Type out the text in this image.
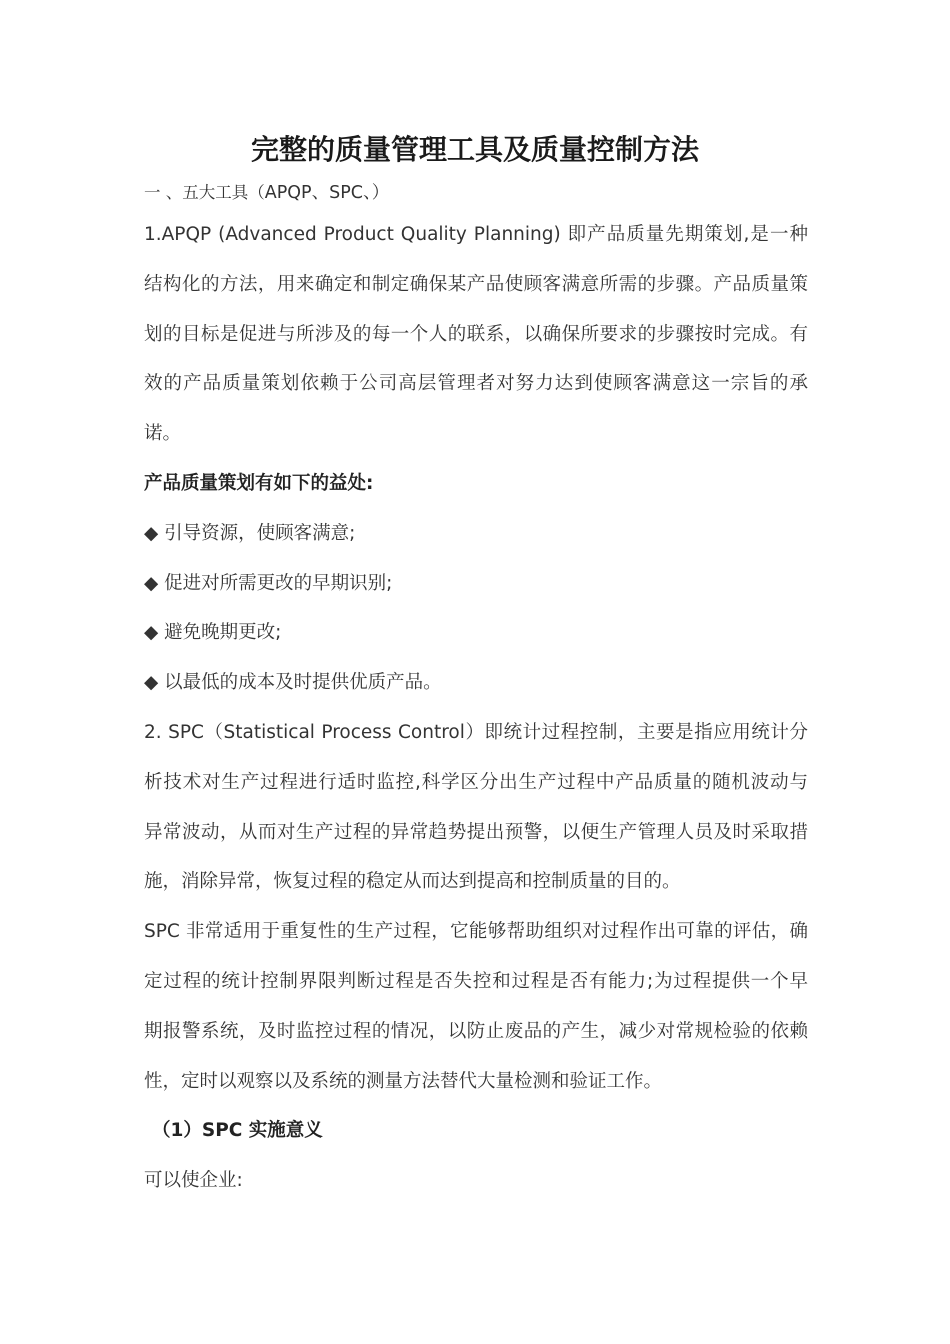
完整的质量管理工具及质量控制方法
一 、五大工具（APQP、SPC、）

1.APQP (Advanced Product Quality Planning) 即产品质量先期策划,是一种

结构化的方法，用来确定和制定确保某产品使顾客满意所需的步骤。产品质量策

划的目标是促进与所涉及的每一个人的联系，以确保所要求的步骤按时完成。有

效的产品质量策划依赖于公司高层管理者对努力达到使顾客满意这一宗旨的承

诺。

产品质量策划有如下的益处:

◆ 引导资源，使顾客满意;

◆ 促进对所需更改的早期识别;

◆ 避免晚期更改;

◆ 以最低的成本及时提供优质产品。

2. SPC（Statistical Process Control）即统计过程控制，主要是指应用统计分

析技术对生产过程进行适时监控,科学区分出生产过程中产品质量的随机波动与

异常波动，从而对生产过程的异常趋势提出预警，以便生产管理人员及时采取措

施，消除异常，恢复过程的稳定从而达到提高和控制质量的目的。

SPC 非常适用于重复性的生产过程，它能够帮助组织对过程作出可靠的评估，确

定过程的统计控制界限判断过程是否失控和过程是否有能力;为过程提供一个早

期报警系统，及时监控过程的情况，以防止废品的产生，减少对常规检验的依赖

性，定时以观察以及系统的测量方法替代大量检测和验证工作。

（1）SPC 实施意义

可以使企业:
